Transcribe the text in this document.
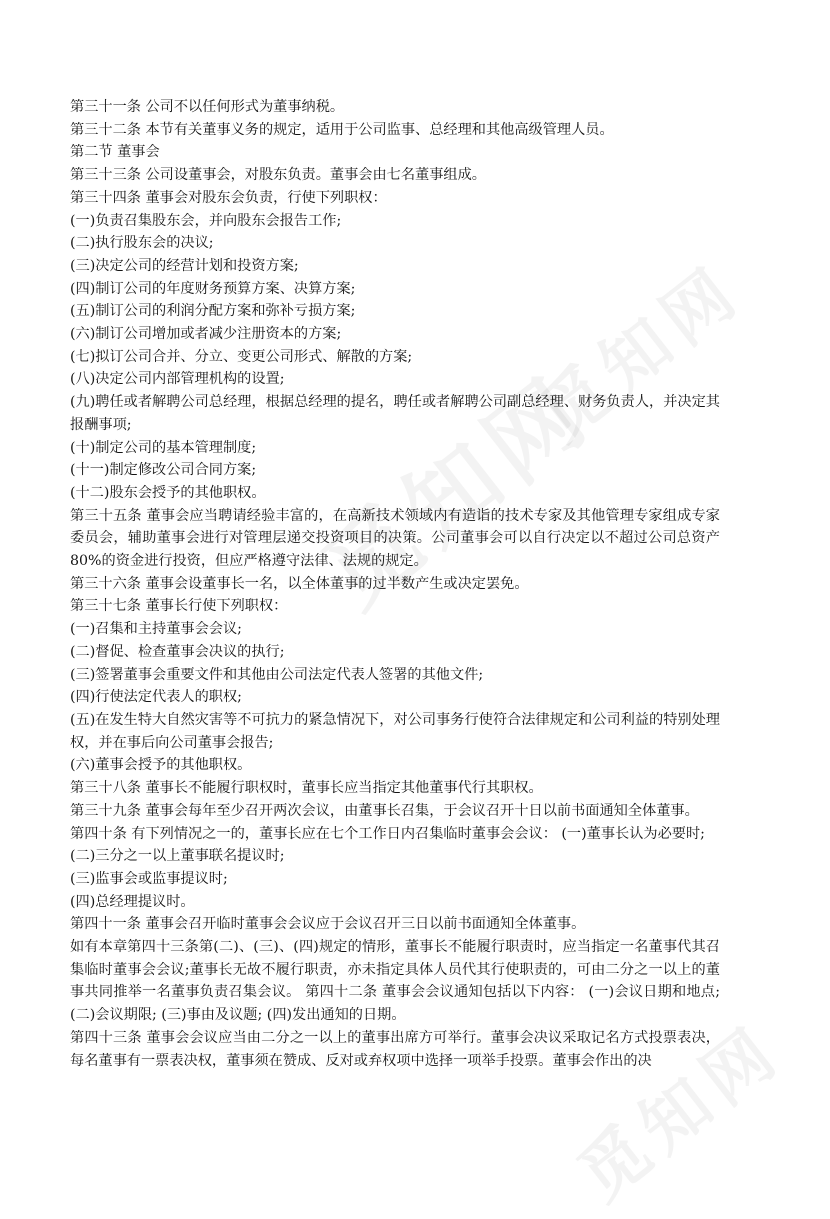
第三十一条 公司不以任何形式为董事纳税。

第三十二条 本节有关董事义务的规定，适用于公司监事、总经理和其他高级管理人员。

第二节 董事会

第三十三条 公司设董事会，对股东负责。董事会由七名董事组成。

第三十四条 董事会对股东会负责，行使下列职权：

(一)负责召集股东会，并向股东会报告工作;

(二)执行股东会的决议;

(三)决定公司的经营计划和投资方案;

(四)制订公司的年度财务预算方案、决算方案;

(五)制订公司的利润分配方案和弥补亏损方案;

(六)制订公司增加或者减少注册资本的方案;

(七)拟订公司合并、分立、变更公司形式、解散的方案;

(八)决定公司内部管理机构的设置;

(九)聘任或者解聘公司总经理，根据总经理的提名，聘任或者解聘公司副总经理、财务负责人，并决定其报酬事项;

(十)制定公司的基本管理制度;

(十一)制定修改公司合同方案;

(十二)股东会授予的其他职权。

第三十五条 董事会应当聘请经验丰富的，在高新技术领域内有造诣的技术专家及其他管理专家组成专家委员会，辅助董事会进行对管理层递交投资项目的决策。公司董事会可以自行决定以不超过公司总资产 80%的资金进行投资，但应严格遵守法律、法规的规定。

第三十六条 董事会设董事长一名，以全体董事的过半数产生或决定罢免。

第三十七条 董事长行使下列职权：

(一)召集和主持董事会会议;

(二)督促、检查董事会决议的执行;

(三)签署董事会重要文件和其他由公司法定代表人签署的其他文件;

(四)行使法定代表人的职权;

(五)在发生特大自然灾害等不可抗力的紧急情况下，对公司事务行使符合法律规定和公司利益的特别处理权，并在事后向公司董事会报告;

(六)董事会授予的其他职权。

第三十八条 董事长不能履行职权时，董事长应当指定其他董事代行其职权。

第三十九条 董事会每年至少召开两次会议，由董事长召集，于会议召开十日以前书面通知全体董事。

第四十条 有下列情况之一的，董事长应在七个工作日内召集临时董事会会议： (一)董事长认为必要时;

(二)三分之一以上董事联名提议时;

(三)监事会或监事提议时;

(四)总经理提议时。

第四十一条 董事会召开临时董事会会议应于会议召开三日以前书面通知全体董事。

如有本章第四十三条第(二)、(三)、(四)规定的情形，董事长不能履行职责时，应当指定一名董事代其召集临时董事会会议;董事长无故不履行职责，亦未指定具体人员代其行使职责的，可由二分之一以上的董事共同推举一名董事负责召集会议。 第四十二条 董事会会议通知包括以下内容： (一)会议日期和地点; (二)会议期限; (三)事由及议题; (四)发出通知的日期。

第四十三条 董事会会议应当由二分之一以上的董事出席方可举行。董事会决议采取记名方式投票表决，每名董事有一票表决权，董事须在赞成、反对或弃权项中选择一项举手投票。董事会作出的决
